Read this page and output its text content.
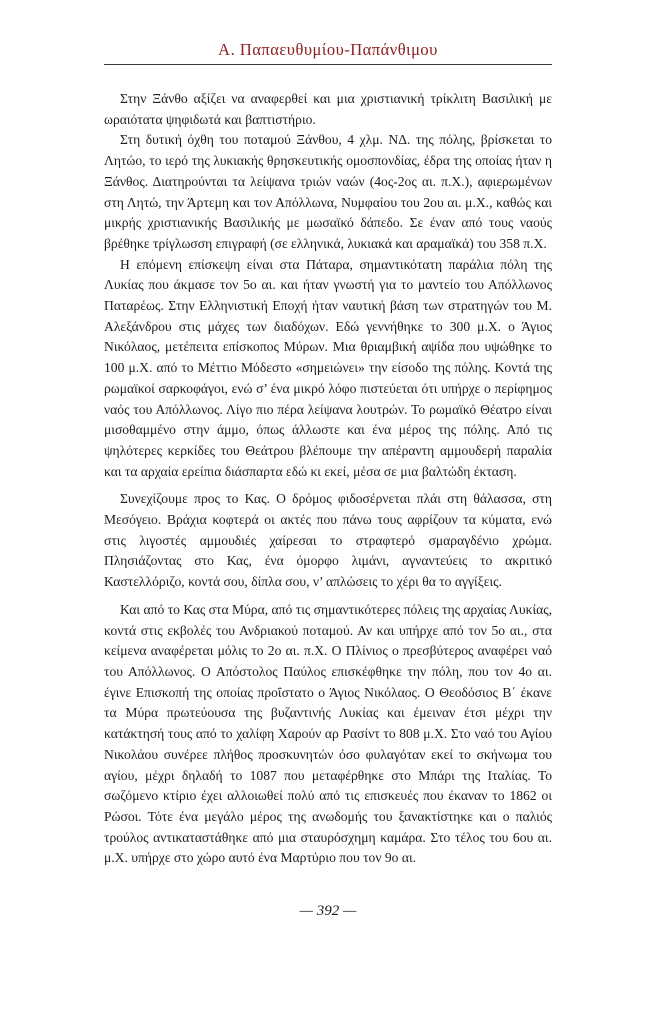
Α. Παπαευθυμίου-Παπάνθιμου

Στην Ξάνθο αξίζει να αναφερθεί και μια χριστιανική τρίκλιτη Βασιλική με ωραιότατα ψηφιδωτά και βαπτιστήριο.

Στη δυτική όχθη του ποταμού Ξάνθου, 4 χλμ. ΝΔ. της πόλης, βρίσκεται το Λητώο, το ιερό της λυκιακής θρησκευτικής ομοσπονδίας, έδρα της οποίας ήταν η Ξάνθος. Διατηρούνται τα λείψανα τριών ναών (4ος-2ος αι. π.Χ.), αφιερωμένων στη Λητώ, την Άρτεμη και τον Απόλλωνα, Νυμφαίου του 2ου αι. μ.Χ., καθώς και μικρής χριστιανικής Βασιλικής με μωσαϊκό δάπεδο. Σε έναν από τους ναούς βρέθηκε τρίγλωσση επιγραφή (σε ελληνικά, λυκιακά και αραμαϊκά) του 358 π.Χ.

Η επόμενη επίσκεψη είναι στα Πάταρα, σημαντικότατη παράλια πόλη της Λυκίας που άκμασε τον 5ο αι. και ήταν γνωστή για το μαντείο του Απόλλωνος Παταρέως. Στην Ελληνιστική Εποχή ήταν ναυτική βάση των στρατηγών του Μ. Αλεξάνδρου στις μάχες των διαδόχων. Εδώ γεννήθηκε το 300 μ.Χ. ο Άγιος Νικόλαος, μετέπειτα επίσκοπος Μύρων. Μια θριαμβική αψίδα που υψώθηκε το 100 μ.Χ. από το Μέττιο Μόδεστο «σημειώνει» την είσοδο της πόλης. Κοντά της ρωμαϊκοί σαρκοφάγοι, ενώ σ’ ένα μικρό λόφο πιστεύεται ότι υπήρχε ο περίφημος ναός του Απόλλωνος. Λίγο πιο πέρα λείψανα λουτρών. Το ρωμαϊκό Θέατρο είναι μισοθαμμένο στην άμμο, όπως άλλωστε και ένα μέρος της πόλης. Από τις ψηλότερες κερκίδες του Θεάτρου βλέπουμε την απέραντη αμμουδερή παραλία και τα αρχαία ερείπια διάσπαρτα εδώ κι εκεί, μέσα σε μια βαλτώδη έκταση.

Συνεχίζουμε προς το Κας. Ο δρόμος φιδοσέρνεται πλάι στη θάλασσα, στη Μεσόγειο. Βράχια κοφτερά οι ακτές που πάνω τους αφρίζουν τα κύματα, ενώ στις λιγοστές αμμουδιές χαίρεσαι το στραφτερό σμαραγδένιο χρώμα. Πλησιάζοντας στο Κας, ένα όμορφο λιμάνι, αγναντεύεις το ακριτικό Καστελλόριζο, κοντά σου, δίπλα σου, ν’ απλώσεις το χέρι θα το αγγίξεις.

Και από το Κας στα Μύρα, από τις σημαντικότερες πόλεις της αρχαίας Λυκίας, κοντά στις εκβολές του Ανδριακού ποταμού. Αν και υπήρχε από τον 5ο αι., στα κείμενα αναφέρεται μόλις το 2ο αι. π.Χ. Ο Πλίνιος ο πρεσβύτερος αναφέρει ναό του Απόλλωνος. Ο Απόστολος Παύλος επισκέφθηκε την πόλη, που τον 4ο αι. έγινε Επισκοπή της οποίας προΐστατο ο Άγιος Νικόλαος. Ο Θεοδόσιος Β΄ έκανε τα Μύρα πρωτεύουσα της βυζαντινής Λυκίας και έμειναν έτσι μέχρι την κατάκτησή τους από το χαλίφη Χαρούν αρ Ρασίντ το 808 μ.Χ. Στο ναό του Αγίου Νικολάου συνέρεε πλήθος προσκυνητών όσο φυλαγόταν εκεί το σκήνωμα του αγίου, μέχρι δηλαδή το 1087 που μεταφέρθηκε στο Μπάρι της Ιταλίας. Το σωζόμενο κτίριο έχει αλλοιωθεί πολύ από τις επισκευές που έκαναν το 1862 οι Ρώσοι. Τότε ένα μεγάλο μέρος της ανωδομής του ξανακτίστηκε και ο παλιός τρούλος αντικαταστάθηκε από μια σταυρόσχημη καμάρα. Στο τέλος του 6ου αι. μ.Χ. υπήρχε στο χώρο αυτό ένα Μαρτύριο που τον 9ο αι.

— 392 —
